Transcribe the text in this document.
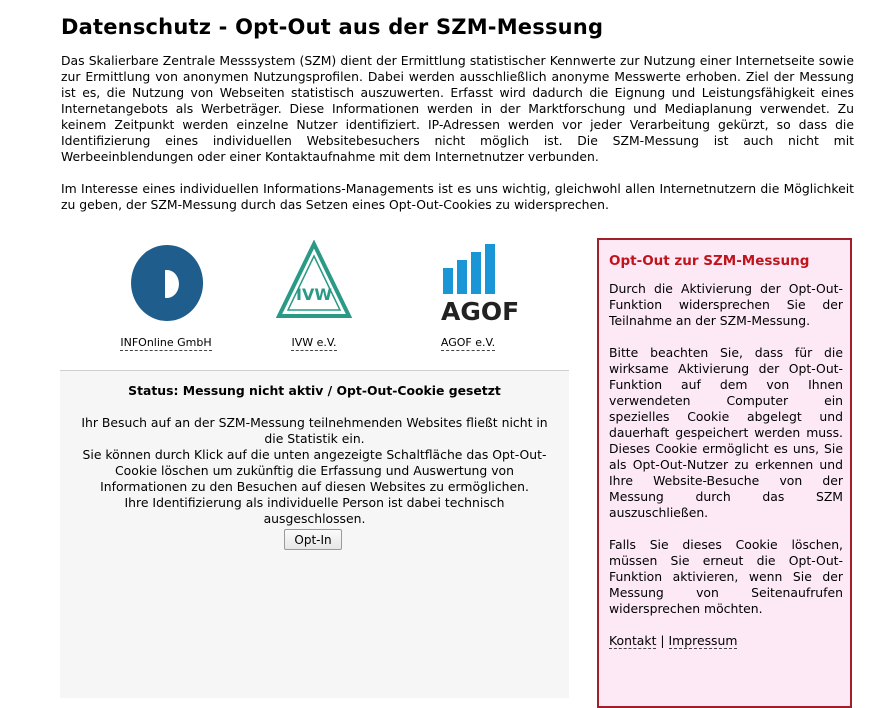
Datenschutz - Opt-Out aus der SZM-Messung

Das Skalierbare Zentrale Messsystem (SZM) dient der Ermittlung statistischer Kennwerte zur Nutzung einer Internetseite sowie zur Ermittlung von anonymen Nutzungsprofilen. Dabei werden ausschließlich anonyme Messwerte erhoben. Ziel der Messung ist es, die Nutzung von Webseiten statistisch auszuwerten. Erfasst wird dadurch die Eignung und Leistungsfähigkeit eines Internetangebots als Werbeträger. Diese Informationen werden in der Marktforschung und Mediaplanung verwendet. Zu keinem Zeitpunkt werden einzelne Nutzer identifiziert. IP-Adressen werden vor jeder Verarbeitung gekürzt, so dass die Identifizierung eines individuellen Websitebesuchers nicht möglich ist. Die SZM-Messung ist auch nicht mit Werbeeinblendungen oder einer Kontaktaufnahme mit dem Internetnutzer verbunden.

Im Interesse eines individuellen Informations-Managements ist es uns wichtig, gleichwohl allen Internetnutzern die Möglichkeit zu geben, der SZM-Messung durch das Setzen eines Opt-Out-Cookies zu widersprechen.

INFOnline GmbH
IVW
IVW e.V.
AGOF
AGOF e.V.
Status: Messung nicht aktiv / Opt-Out-Cookie gesetzt

Ihr Besuch auf an der SZM-Messung teilnehmenden Websites fließt nicht in die Statistik ein.

Sie können durch Klick auf die unten angezeigte Schaltfläche das Opt-Out-Cookie löschen um zukünftig die Erfassung und Auswertung von Informationen zu den Besuchen auf diesen Websites zu ermöglichen.

Ihre Identifizierung als individuelle Person ist dabei technisch ausgeschlossen.

Opt-In
Opt-Out zur SZM-Messung

Durch die Aktivierung der Opt-Out-Funktion widersprechen Sie der Teilnahme an der SZM-Messung.

Bitte beachten Sie, dass für die wirksame Aktivierung der Opt-Out-Funktion auf dem von Ihnen verwendeten Computer ein spezielles Cookie abgelegt und dauerhaft gespeichert werden muss. Dieses Cookie ermöglicht es uns, Sie als Opt-Out-Nutzer zu erkennen und Ihre Website-Besuche von der Messung durch das SZM auszuschließen.

Falls Sie dieses Cookie löschen, müssen Sie erneut die Opt-Out-Funktion aktivieren, wenn Sie der Messung von Seitenaufrufen widersprechen möchten.

Kontakt | Impressum
